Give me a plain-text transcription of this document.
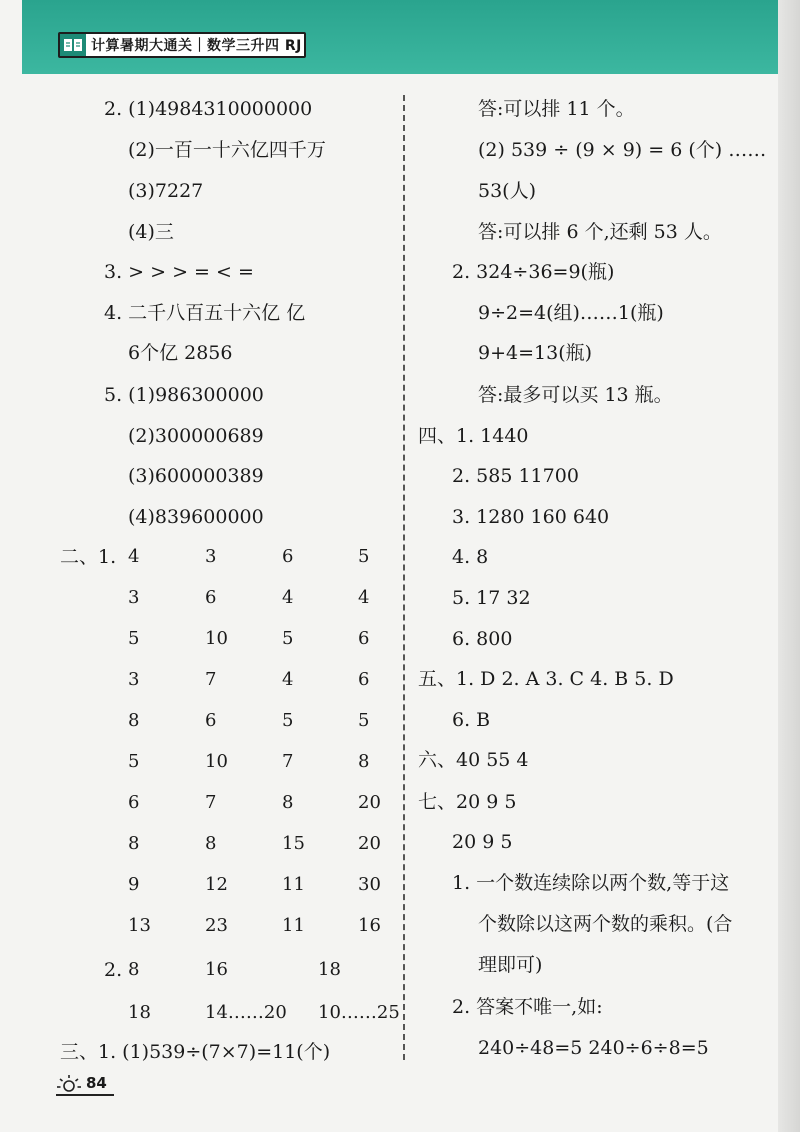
计算暑期大通关｜数学三升四 RJ
2. (1)4984310000000
(2)一百一十六亿四千万
(3)7227
(4)三
3. > > > = < =
4. 二千八百五十六亿 亿
6个亿 2856
5. (1)986300000
(2)300000689
(3)600000389
(4)839600000
二、1. 4	3	6	5
3	6	4	4
5	10	5	6
3	7	4	6
8	6	5	5
5	10	7	8
6	7	8	20
8	8	15	20
9	12	11	30
13	23	11	16
2. 8	16	18
18	14……20 10……25
三、1. (1)539÷(7×7)=11(个)
答:可以排 11 个。
(2) 539 ÷ (9 × 9) = 6 (个) ……
53(人)
答:可以排 6 个,还剩 53 人。
2. 324÷36=9(瓶)
9÷2=4(组)……1(瓶)
9+4=13(瓶)
答:最多可以买 13 瓶。
四、1. 1440
2. 585 11700
3. 1280 160 640
4. 8
5. 17 32
6. 800
五、1. D 2. A 3. C 4. B 5. D
6. B
六、40 55 4
七、20 9 5
20 9 5
1. 一个数连续除以两个数,等于这
个数除以这两个数的乘积。(合
理即可)
2. 答案不唯一,如:
240÷48=5 240÷6÷8=5
84
